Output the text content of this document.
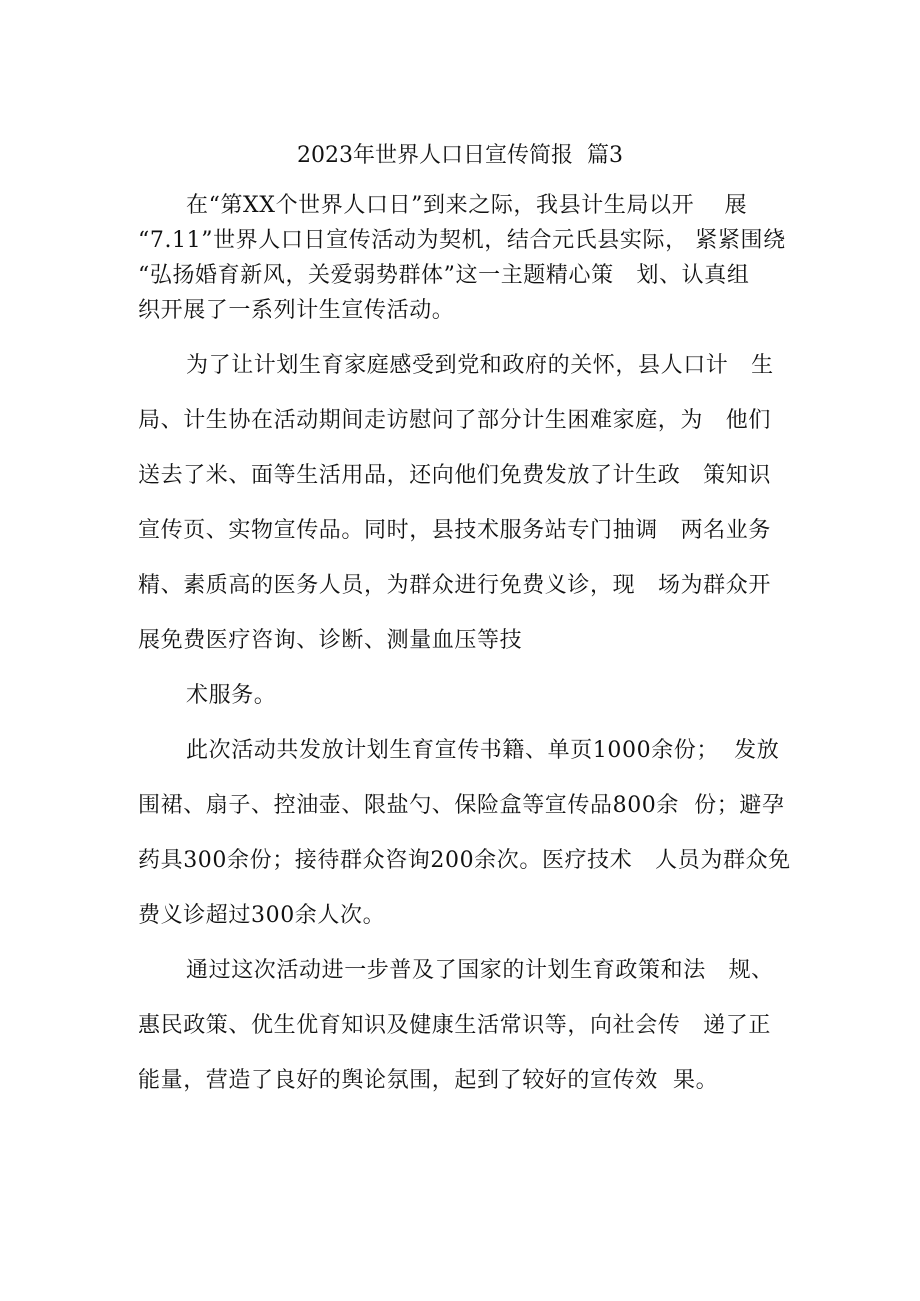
2023年世界人口日宣传简报  篇3
在“第XX个世界人口日”到来之际，我县计生局以开    展
“7.11”世界人口日宣传活动为契机，结合元氏县实际， 紧紧围绕
“弘扬婚育新风，关爱弱势群体”这一主题精心策   划、认真组
织开展了一系列计生宣传活动。
为了让计划生育家庭感受到党和政府的关怀，县人口计   生
局、计生协在活动期间走访慰问了部分计生困难家庭，为   他们
送去了米、面等生活用品，还向他们免费发放了计生政   策知识
宣传页、实物宣传品。同时，县技术服务站专门抽调   两名业务
精、素质高的医务人员，为群众进行免费义诊，现   场为群众开
展免费医疗咨询、诊断、测量血压等技
术服务。
此次活动共发放计划生育宣传书籍、单页1000余份；  发放
围裙、扇子、控油壶、限盐勺、保险盒等宣传品800余  份；避孕
药具300余份；接待群众咨询200余次。医疗技术   人员为群众免
费义诊超过300余人次。
通过这次活动进一步普及了国家的计划生育政策和法   规、
惠民政策、优生优育知识及健康生活常识等，向社会传   递了正
能量，营造了良好的舆论氛围，起到了较好的宣传效  果。
